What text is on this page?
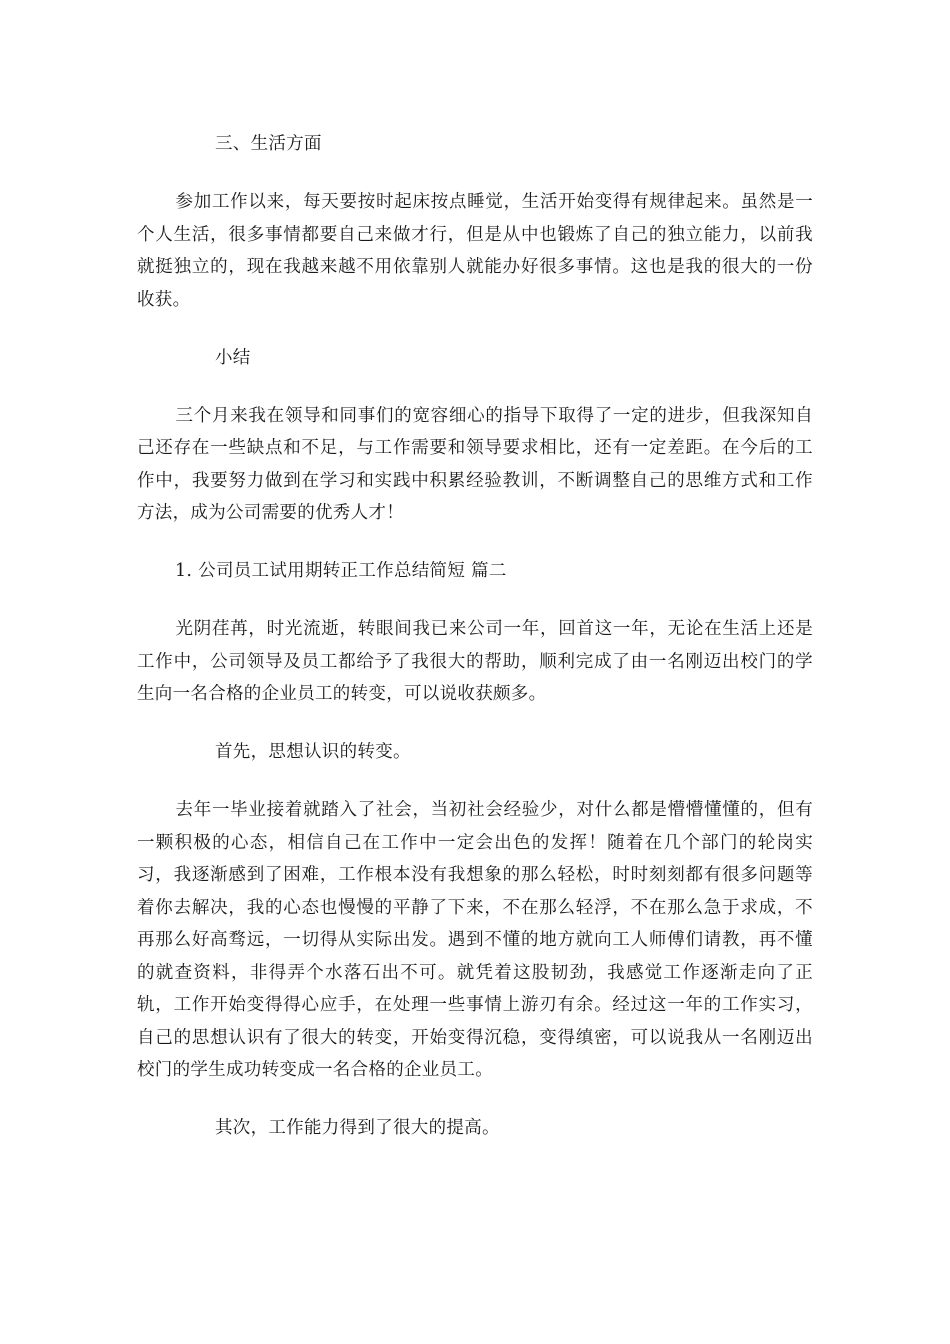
三、生活方面

参加工作以来，每天要按时起床按点睡觉，生活开始变得有规律起来。虽然是一个人生活，很多事情都要自己来做才行，但是从中也锻炼了自己的独立能力，以前我就挺独立的，现在我越来越不用依靠别人就能办好很多事情。这也是我的很大的一份收获。

小结

三个月来我在领导和同事们的宽容细心的指导下取得了一定的进步，但我深知自己还存在一些缺点和不足，与工作需要和领导要求相比，还有一定差距。在今后的工作中，我要努力做到在学习和实践中积累经验教训，不断调整自己的思维方式和工作方法，成为公司需要的优秀人才！

1. 公司员工试用期转正工作总结简短 篇二

光阴荏苒，时光流逝，转眼间我已来公司一年，回首这一年，无论在生活上还是工作中，公司领导及员工都给予了我很大的帮助，顺利完成了由一名刚迈出校门的学生向一名合格的企业员工的转变，可以说收获颇多。

首先，思想认识的转变。

去年一毕业接着就踏入了社会，当初社会经验少，对什么都是懵懵懂懂的，但有一颗积极的心态，相信自己在工作中一定会出色的发挥！随着在几个部门的轮岗实习，我逐渐感到了困难，工作根本没有我想象的那么轻松，时时刻刻都有很多问题等着你去解决，我的心态也慢慢的平静了下来，不在那么轻浮，不在那么急于求成，不再那么好高骛远，一切得从实际出发。遇到不懂的地方就向工人师傅们请教，再不懂的就查资料，非得弄个水落石出不可。就凭着这股韧劲，我感觉工作逐渐走向了正轨，工作开始变得得心应手，在处理一些事情上游刃有余。经过这一年的工作实习，自己的思想认识有了很大的转变，开始变得沉稳，变得缜密，可以说我从一名刚迈出校门的学生成功转变成一名合格的企业员工。

其次，工作能力得到了很大的提高。
